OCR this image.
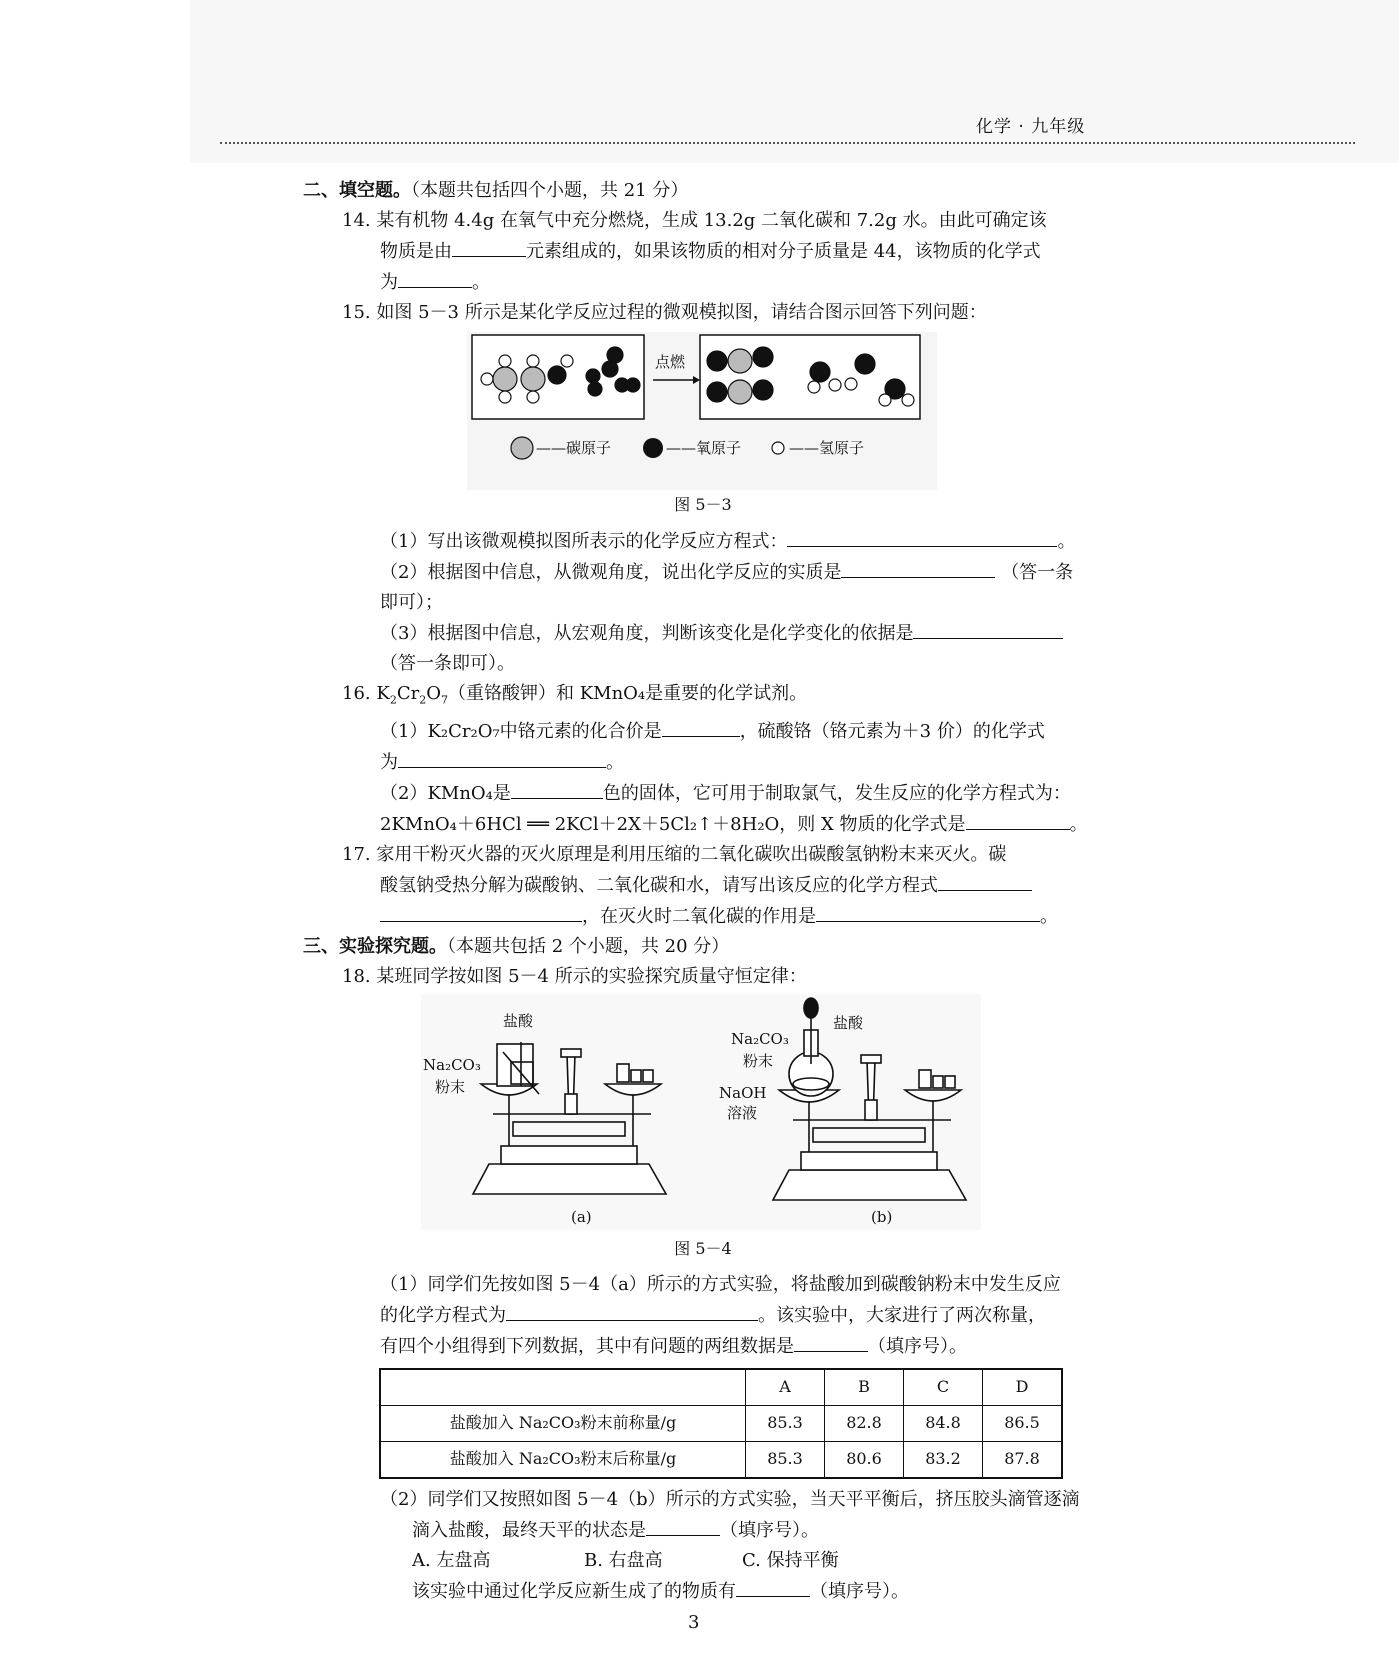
化学 · 九年级
二、填空题。（本题共包括四个小题，共 21 分）
14. 某有机物 4.4g 在氧气中充分燃烧，生成 13.2g 二氧化碳和 7.2g 水。由此可确定该
物质是由	元素组成的，如果该物质的相对分子质量是 44，该物质的化学式
为	。
15. 如图 5－3 所示是某化学反应过程的微观模拟图，请结合图示回答下列问题：
点燃
——碳原子	——氧原子	——氢原子
图 5－3
（1）写出该微观模拟图所表示的化学反应方程式：	。
（2）根据图中信息，从微观角度，说出化学反应的实质是	（答一条
即可）；
（3）根据图中信息，从宏观角度，判断该变化是化学变化的依据是
（答一条即可）。
16. $K_2Cr_2O_7$（重铬酸钾）和 KMnO₄是重要的化学试剂。
（1）K₂Cr₂O₇中铬元素的化合价是	，硫酸铬（铬元素为＋3 价）的化学式
为	。
（2）KMnO₄是	色的固体，它可用于制取氯气，发生反应的化学方程式为：
2KMnO₄＋6HCl ══ 2KCl＋2X＋5Cl₂↑＋8H₂O，则 X 物质的化学式是	。
17. 家用干粉灭火器的灭火原理是利用压缩的二氧化碳吹出碳酸氢钠粉末来灭火。碳
酸氢钠受热分解为碳酸钠、二氧化碳和水，请写出该反应的化学方程式
，在灭火时二氧化碳的作用是	。
三、实验探究题。（本题共包括 2 个小题，共 20 分）
18. 某班同学按如图 5－4 所示的实验探究质量守恒定律：
盐酸
Na₂CO₃
粉末
盐酸
Na₂CO₃
粉末
NaOH
溶液
(a)	(b)
图 5－4
（1）同学们先按如图 5－4（a）所示的方式实验，将盐酸加到碳酸钠粉末中发生反应
的化学方程式为	。该实验中，大家进行了两次称量，
有四个小组得到下列数据，其中有问题的两组数据是	（填序号）。
	A	B	C	D
盐酸加入 Na₂CO₃粉末前称量/g	85.3	82.8	84.8	86.5
盐酸加入 Na₂CO₃粉末后称量/g	85.3	80.6	83.2	87.8
（2）同学们又按照如图 5－4（b）所示的方式实验，当天平平衡后，挤压胶头滴管逐滴
滴入盐酸，最终天平的状态是	（填序号）。
A. 左盘高	B. 右盘高	C. 保持平衡
该实验中通过化学反应新生成了的物质有	（填序号）。
3
